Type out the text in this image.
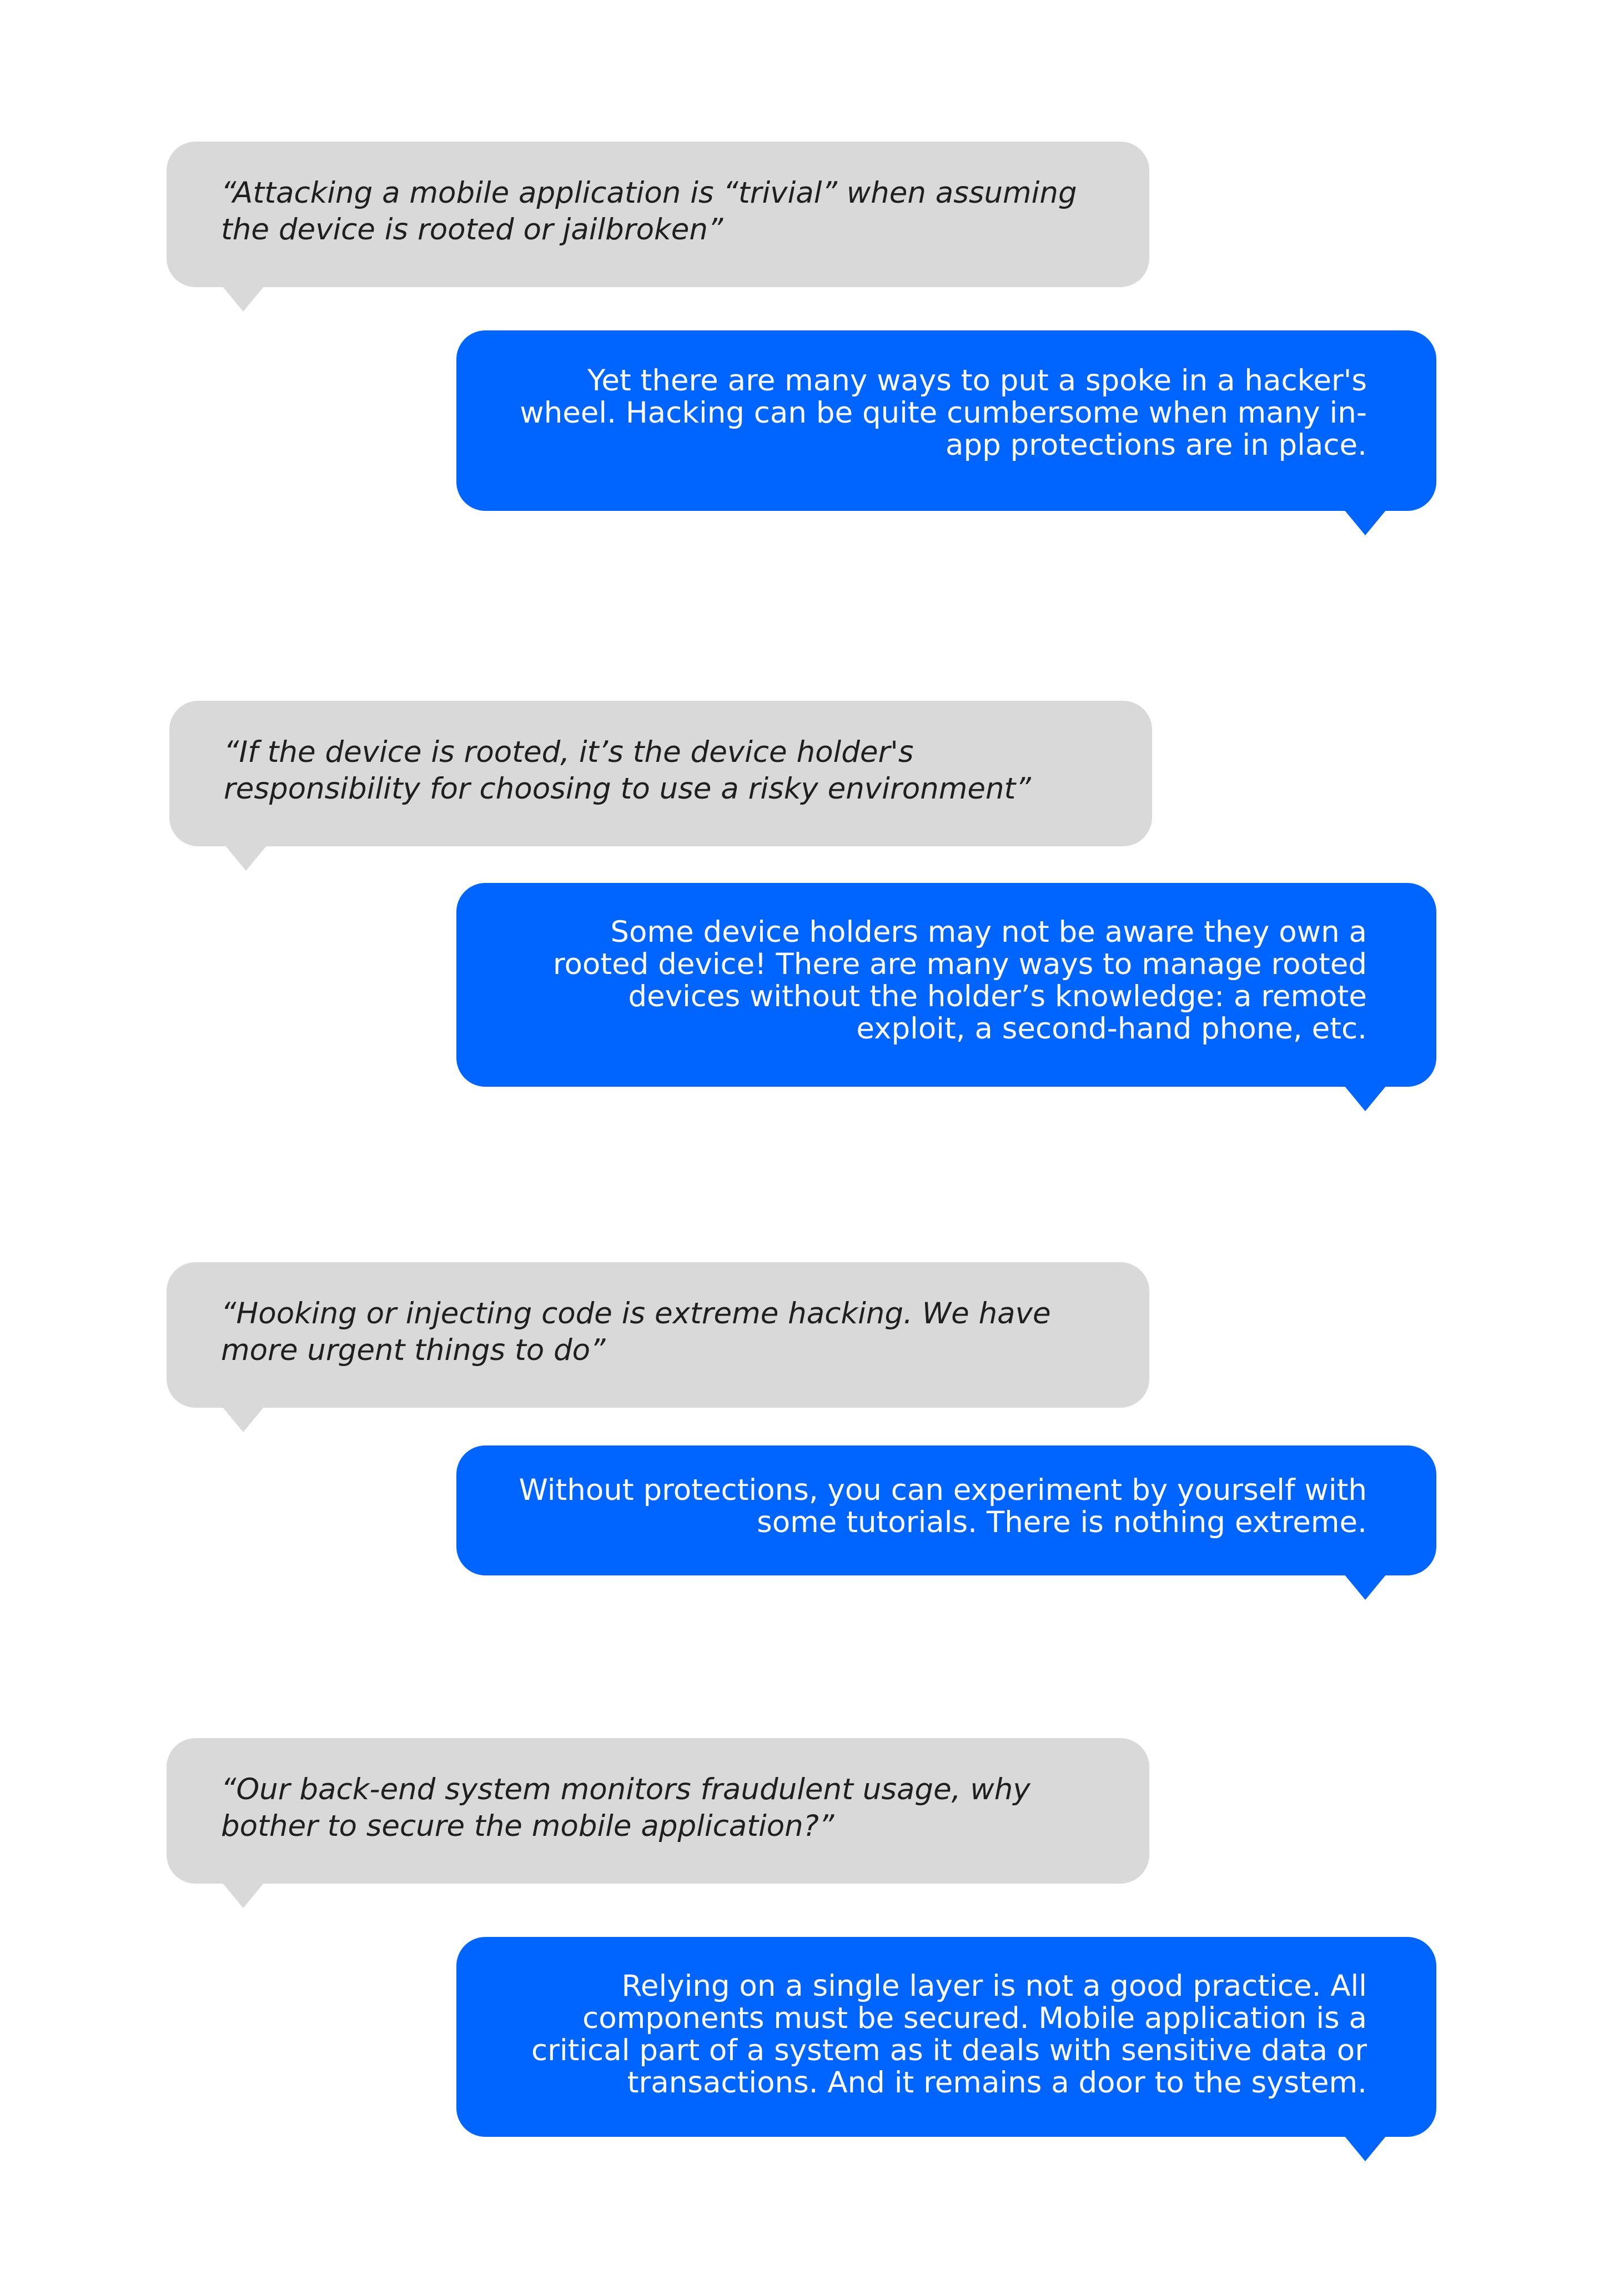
“Attacking a mobile application is “trivial” when assuming the device is rooted or jailbroken”
Yet there are many ways to put a spoke in a hacker's wheel. Hacking can be quite cumbersome when many in-app protections are in place.
“If the device is rooted, it’s the device holder's responsibility for choosing to use a risky environment”
Some device holders may not be aware they own a rooted device! There are many ways to manage rooted devices without the holder’s knowledge: a remote exploit, a second-hand phone, etc.
“Hooking or injecting code is extreme hacking. We have more urgent things to do”
Without protections, you can experiment by yourself with some tutorials. There is nothing extreme.
“Our back-end system monitors fraudulent usage, why bother to secure the mobile application?”
Relying on a single layer is not a good practice. All components must be secured. Mobile application is a critical part of a system as it deals with sensitive data or transactions. And it remains a door to the system.
